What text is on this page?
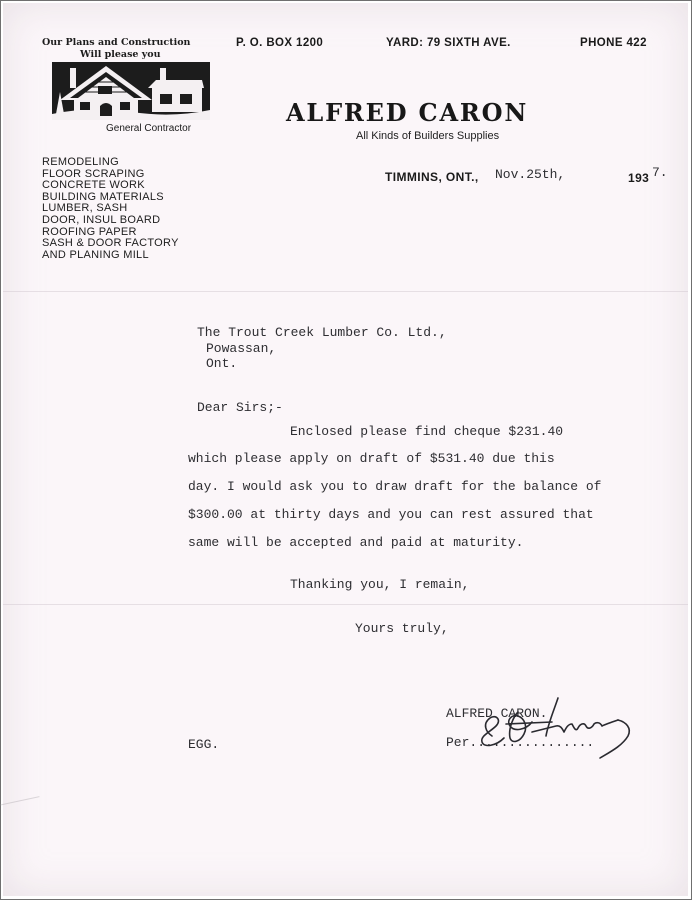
Our Plans and Construction
Will please you
P. O. BOX 1200	YARD: 79 SIXTH AVE.	PHONE 422
General Contractor
ALFRED CARON
All Kinds of Builders Supplies
REMODELING
FLOOR SCRAPING
CONCRETE WORK
BUILDING MATERIALS
LUMBER, SASH
DOOR, INSUL BOARD
ROOFING PAPER
SASH & DOOR FACTORY
AND PLANING MILL
TIMMINS, ONT., Nov.25th,	193 7.
The Trout Creek Lumber Co. Ltd.,
Powassan,
Ont.
Dear Sirs;-
Enclosed please find cheque $231.40
which please apply on draft of $531.40 due this
day. I would ask you to draw draft for the balance of
$300.00 at thirty days and you can rest assured that
same will be accepted and paid at maturity.
Thanking you, I remain,
Yours truly,
ALFRED CARON.
Per................
EGG.
